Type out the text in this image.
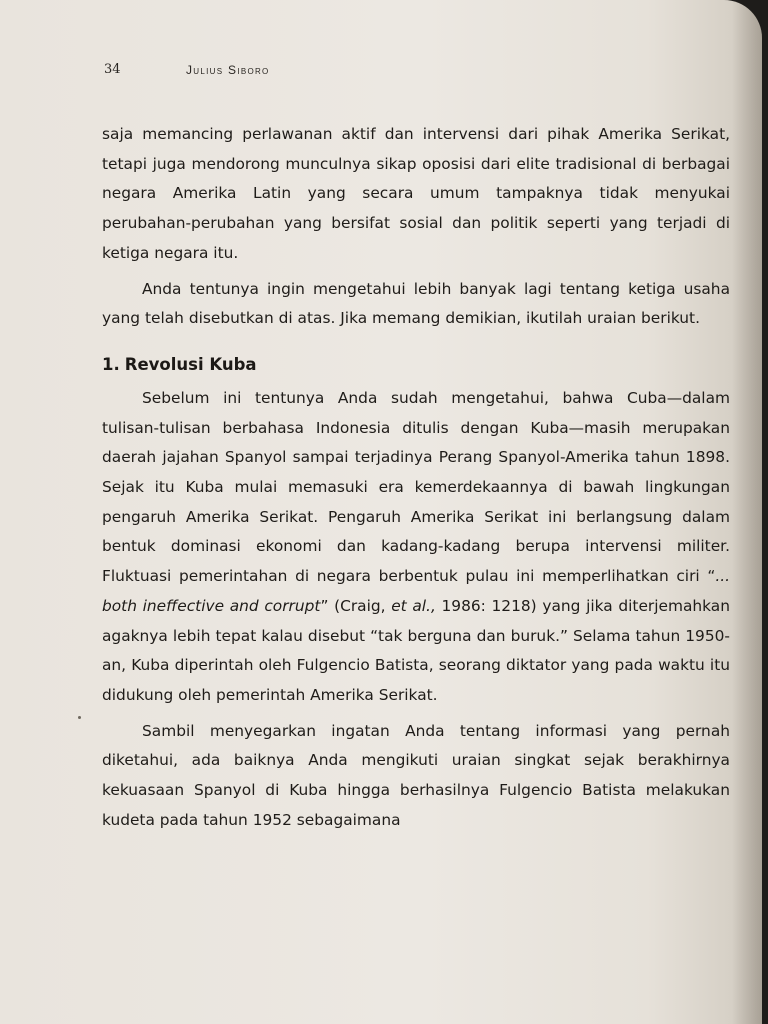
34	Julius Siboro

saja memancing perlawanan aktif dan intervensi dari pihak Amerika Serikat, tetapi juga mendorong munculnya sikap oposisi dari elite tradisional di berbagai negara Amerika Latin yang secara umum tampaknya tidak menyukai perubahan-perubahan yang bersifat sosial dan politik seperti yang terjadi di ketiga negara itu.

Anda tentunya ingin mengetahui lebih banyak lagi tentang ketiga usaha yang telah disebutkan di atas. Jika memang demikian, ikutilah uraian berikut.

1. Revolusi Kuba

Sebelum ini tentunya Anda sudah mengetahui, bahwa Cuba—dalam tulisan-tulisan berbahasa Indonesia ditulis dengan Kuba—masih merupakan daerah jajahan Spanyol sampai terjadinya Perang Spanyol-Amerika tahun 1898. Sejak itu Kuba mulai memasuki era kemerdekaannya di bawah lingkungan pengaruh Amerika Serikat. Pengaruh Amerika Serikat ini berlangsung dalam bentuk dominasi ekonomi dan kadang-kadang berupa intervensi militer. Fluktuasi pemerintahan di negara berbentuk pulau ini memperlihatkan ciri “... both ineffective and corrupt” (Craig, et al., 1986: 1218) yang jika diterjemahkan agaknya lebih tepat kalau disebut “tak berguna dan buruk.” Selama tahun 1950-an, Kuba diperintah oleh Fulgencio Batista, seorang diktator yang pada waktu itu didukung oleh pemerintah Amerika Serikat.

Sambil menyegarkan ingatan Anda tentang informasi yang pernah diketahui, ada baiknya Anda mengikuti uraian singkat sejak berakhirnya kekuasaan Spanyol di Kuba hingga berhasilnya Fulgencio Batista melakukan kudeta pada tahun 1952 sebagaimana
